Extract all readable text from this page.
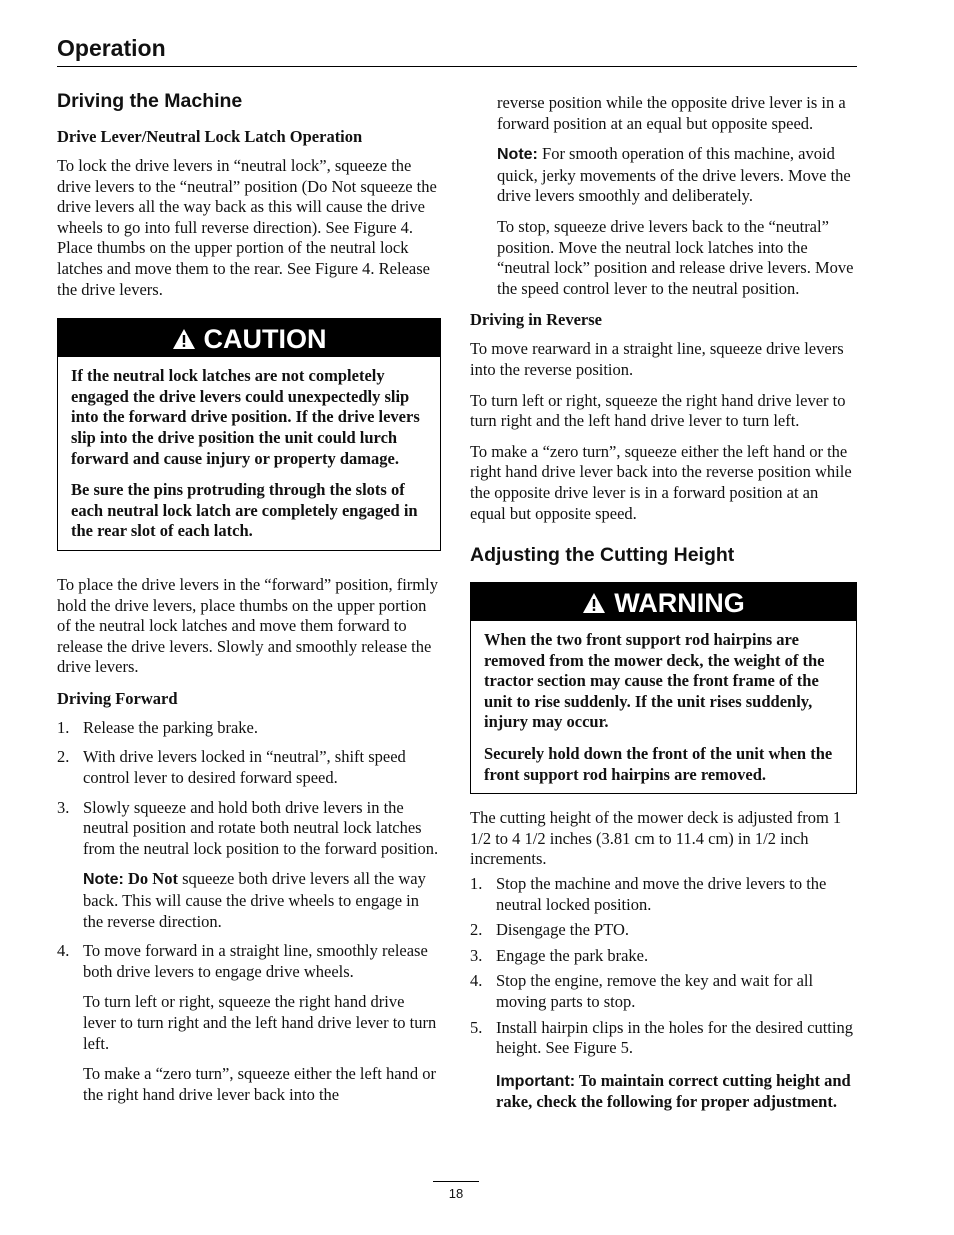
Operation
Driving the Machine
Drive Lever/Neutral Lock Latch Operation

To lock the drive levers in “neutral lock”, squeeze the drive levers to the “neutral” position (Do Not squeeze the drive levers all the way back as this will cause the drive wheels to go into full reverse direction). See Figure 4. Place thumbs on the upper portion of the neutral lock latches and move them to the rear. See Figure 4. Release the drive levers.

CAUTION

If the neutral lock latches are not completely engaged the drive levers could unexpectedly slip into the forward drive position. If the drive levers slip into the drive position the unit could lurch forward and cause injury or property damage.

Be sure the pins protruding through the slots of each neutral lock latch are completely engaged in the rear slot of each latch.

To place the drive levers in the “forward” position, firmly hold the drive levers, place thumbs on the upper portion of the neutral lock latches and move them forward to release the drive levers. Slowly and smoothly release the drive levers.

Driving Forward
1. Release the parking brake.
2. With drive levers locked in “neutral”, shift speed control lever to desired forward speed.
3. Slowly squeeze and hold both drive levers in the neutral position and rotate both neutral lock latches from the neutral lock position to the forward position.
Note: Do Not squeeze both drive levers all the way back. This will cause the drive wheels to engage in the reverse direction.
4. To move forward in a straight line, smoothly release both drive levers to engage drive wheels.
To turn left or right, squeeze the right hand drive lever to turn right and the left hand drive lever to turn left.
To make a “zero turn”, squeeze either the left hand or the right hand drive lever back into the

reverse position while the opposite drive lever is in a forward position at an equal but opposite speed.

Note: For smooth operation of this machine, avoid quick, jerky movements of the drive levers. Move the drive levers smoothly and deliberately.

To stop, squeeze drive levers back to the “neutral” position. Move the neutral lock latches into the “neutral lock” position and release drive levers. Move the speed control lever to the neutral position.

Driving in Reverse

To move rearward in a straight line, squeeze drive levers into the reverse position.

To turn left or right, squeeze the right hand drive lever to turn right and the left hand drive lever to turn left.

To make a “zero turn”, squeeze either the left hand or the right hand drive lever back into the reverse position while the opposite drive lever is in a forward position at an equal but opposite speed.

Adjusting the Cutting Height
WARNING

When the two front support rod hairpins are removed from the mower deck, the weight of the tractor section may cause the front frame of the unit to rise suddenly. If the unit rises suddenly, injury may occur.

Securely hold down the front of the unit when the front support rod hairpins are removed.

The cutting height of the mower deck is adjusted from 1 1/2 to 4 1/2 inches (3.81 cm to 11.4 cm) in 1/2 inch increments.

1. Stop the machine and move the drive levers to the neutral locked position.
2. Disengage the PTO.
3. Engage the park brake.
4. Stop the engine, remove the key and wait for all moving parts to stop.
5. Install hairpin clips in the holes for the desired cutting height. See Figure 5.
Important: To maintain correct cutting height and rake, check the following for proper adjustment.
18
